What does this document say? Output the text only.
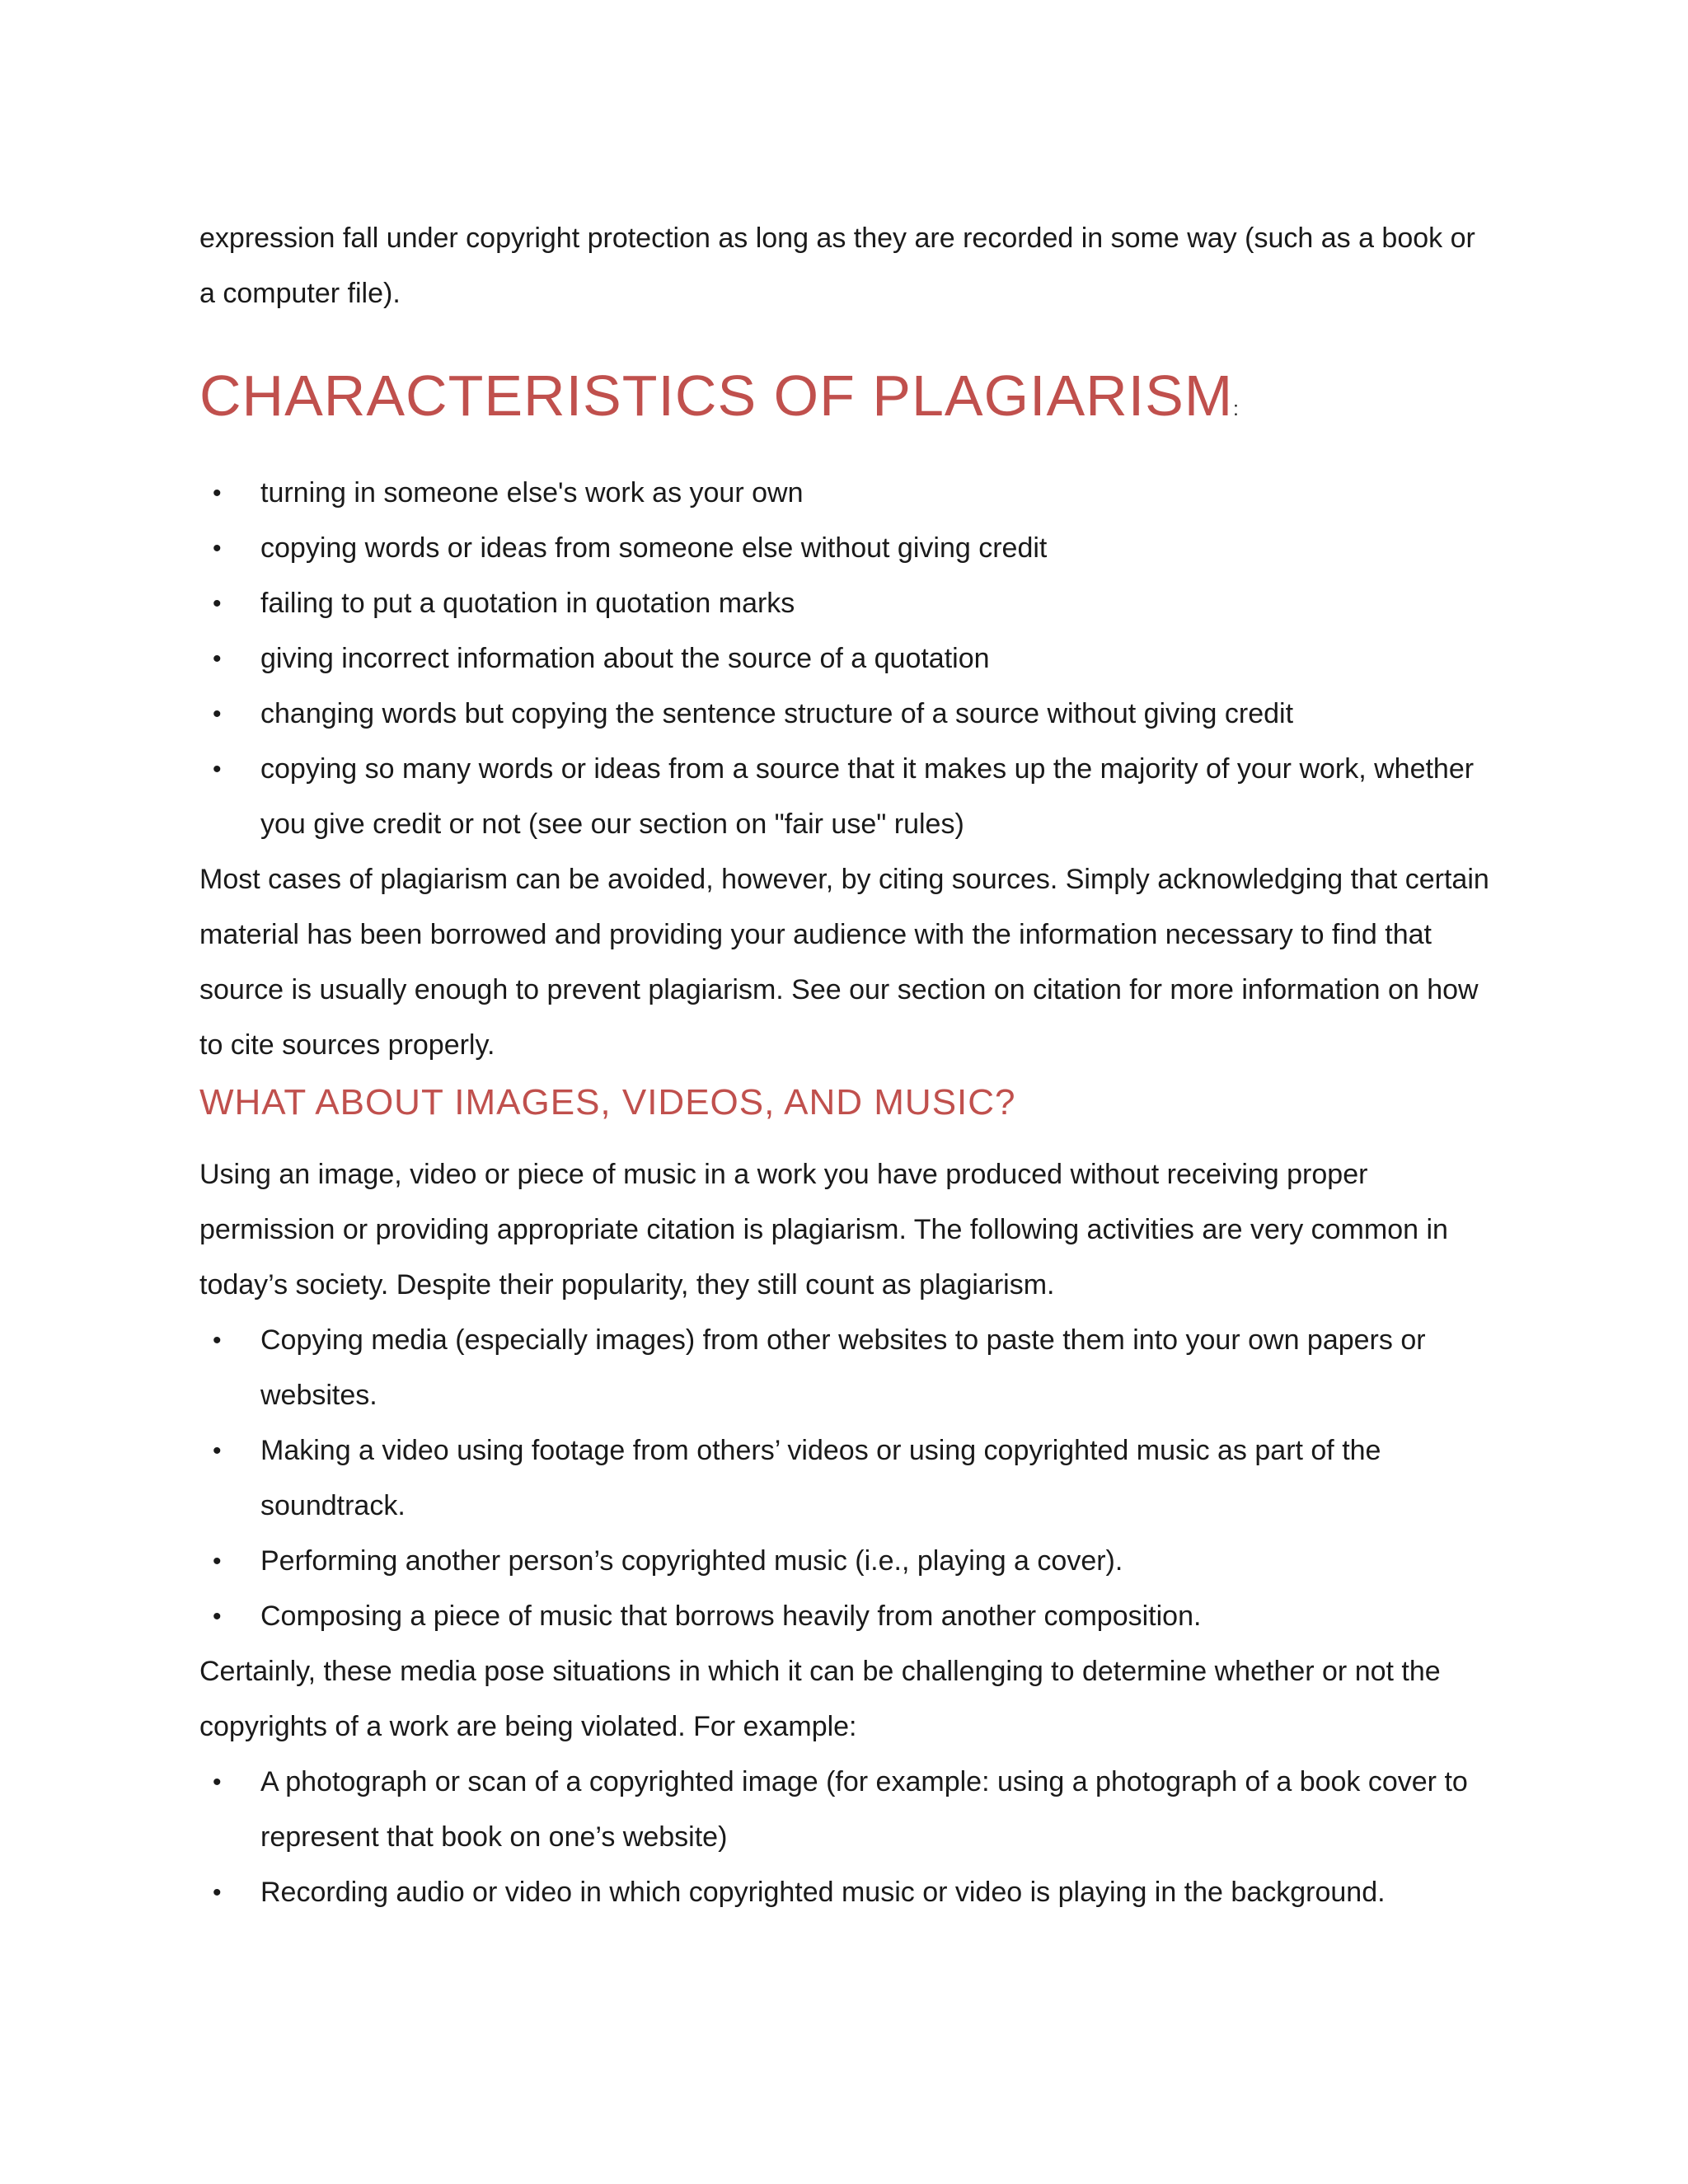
expression fall under copyright protection as long as they are recorded in some way (such as a book or a computer file).

CHARACTERISTICS OF PLAGIARISM:
• turning in someone else's work as your own
• copying words or ideas from someone else without giving credit
• failing to put a quotation in quotation marks
• giving incorrect information about the source of a quotation
• changing words but copying the sentence structure of a source without giving credit
• copying so many words or ideas from a source that it makes up the majority of your work, whether you give credit or not (see our section on "fair use" rules)

Most cases of plagiarism can be avoided, however, by citing sources. Simply acknowledging that certain material has been borrowed and providing your audience with the information necessary to find that source is usually enough to prevent plagiarism. See our section on citation for more information on how to cite sources properly.

WHAT ABOUT IMAGES, VIDEOS, AND MUSIC?

Using an image, video or piece of music in a work you have produced without receiving proper permission or providing appropriate citation is plagiarism. The following activities are very common in today’s society. Despite their popularity, they still count as plagiarism.

• Copying media (especially images) from other websites to paste them into your own papers or websites.
• Making a video using footage from others’ videos or using copyrighted music as part of the soundtrack.
• Performing another person’s copyrighted music (i.e., playing a cover).
• Composing a piece of music that borrows heavily from another composition.

Certainly, these media pose situations in which it can be challenging to determine whether or not the copyrights of a work are being violated. For example:

• A photograph or scan of a copyrighted image (for example: using a photograph of a book cover to represent that book on one’s website)
• Recording audio or video in which copyrighted music or video is playing in the background.
